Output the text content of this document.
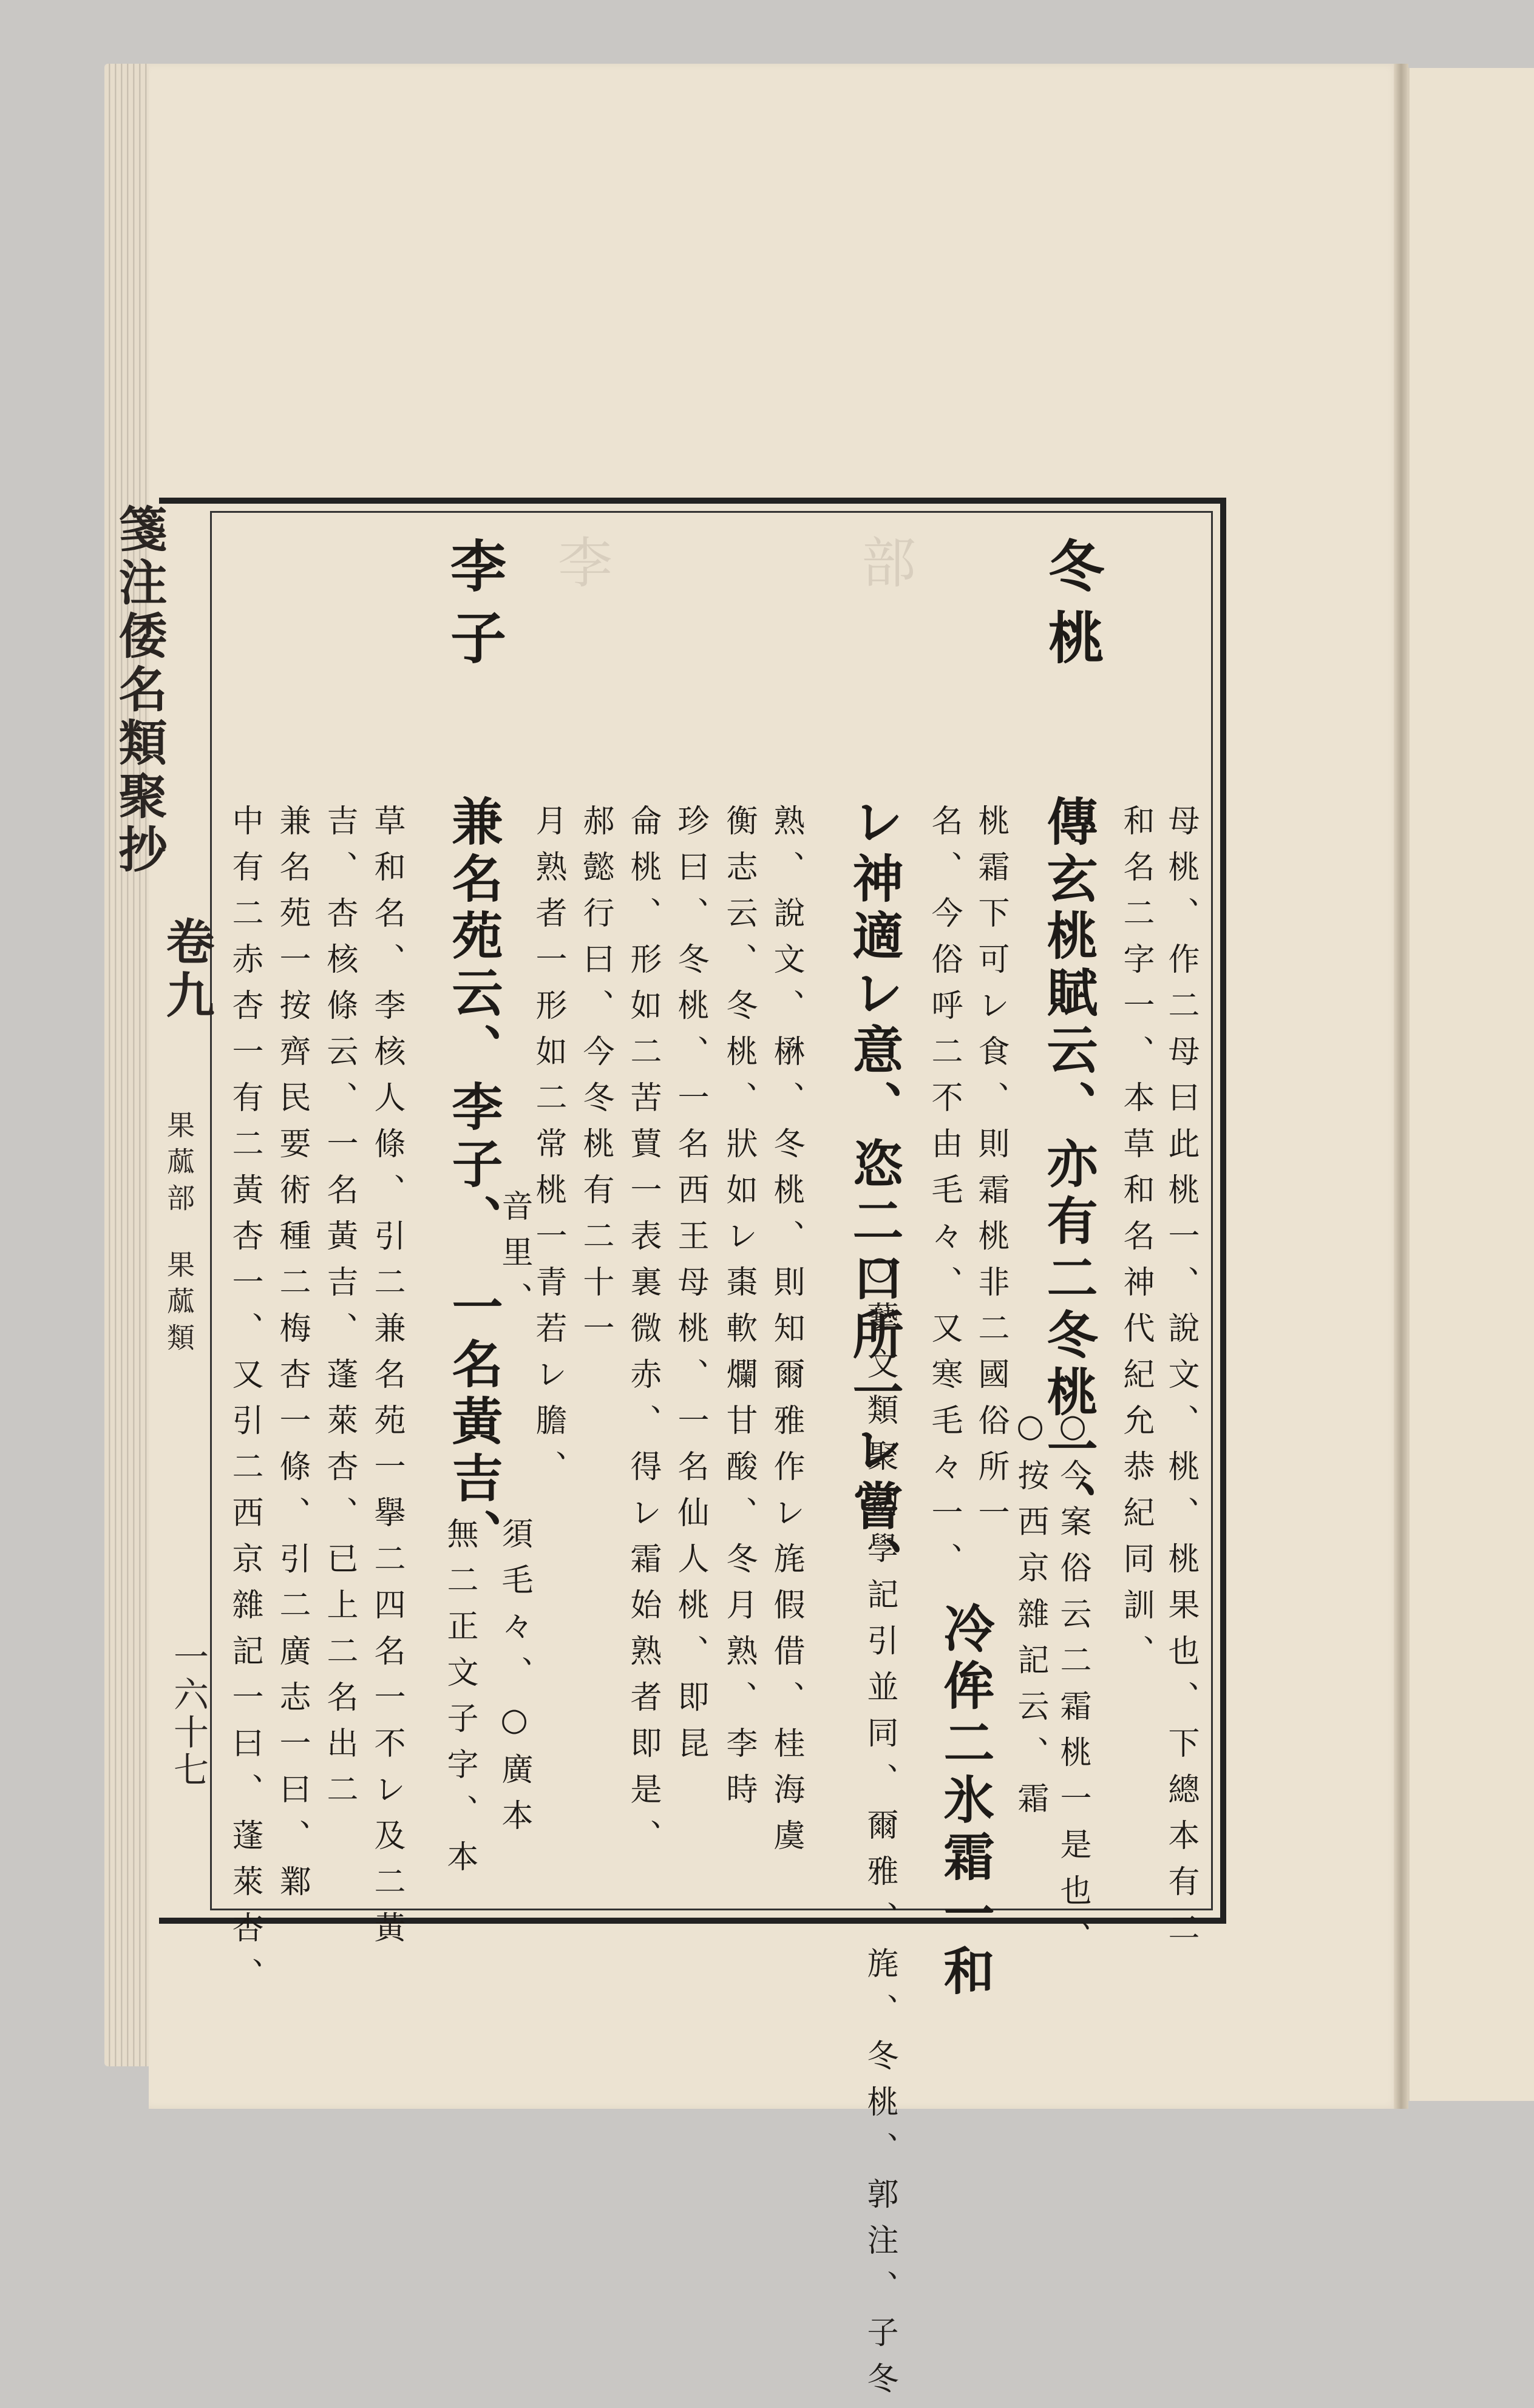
李	部
箋注倭名類聚抄
卷九
果蓏部
果蓏類
一六十七
冬桃
李子
母桃、作二母曰此桃一、說文、桃、桃果也、下總本有二
和名二字一、本草和名神代紀允恭紀同訓、
傳玄桃賦云、亦有二冬桃一、
○今案俗云二霜桃一是也、
○按西京雜記云、霜
桃霜下可レ食、則霜桃非二國俗所一
名、今俗呼二不由毛々、又寒毛々一、
冷侔二氷霜一和
レ神適レ意、恣二口所一レ嘗、
○藝文類聚初學記引並同、爾雅、旄、冬桃、郭注、子冬
熟、說文、楙、冬桃、則知爾雅作レ旄假借、桂海虞
衡志云、冬桃、狀如レ棗軟爛甘酸、冬月熟、李時
珍曰、冬桃、一名西王母桃、一名仙人桃、即昆
侖桃、形如二苦蕒一表裏微赤、得レ霜始熟者即是、
郝懿行曰、今冬桃有二十一
月熟者一形如二常桃一青若レ膽、
兼名苑云、李子、
音里、
一名黃吉、
須毛々、○廣本
無二正文子字、本
草和名、李核人條、引二兼名苑一擧二四名一不レ及二黃
吉、杏核條云、一名黃吉、蓬萊杏、已上二名出二
兼名苑一按齊民要術種二梅杏一條、引二廣志一曰、鄴
中有二赤杏一有二黃杏一、又引二西京雜記一曰、蓬萊杏、
